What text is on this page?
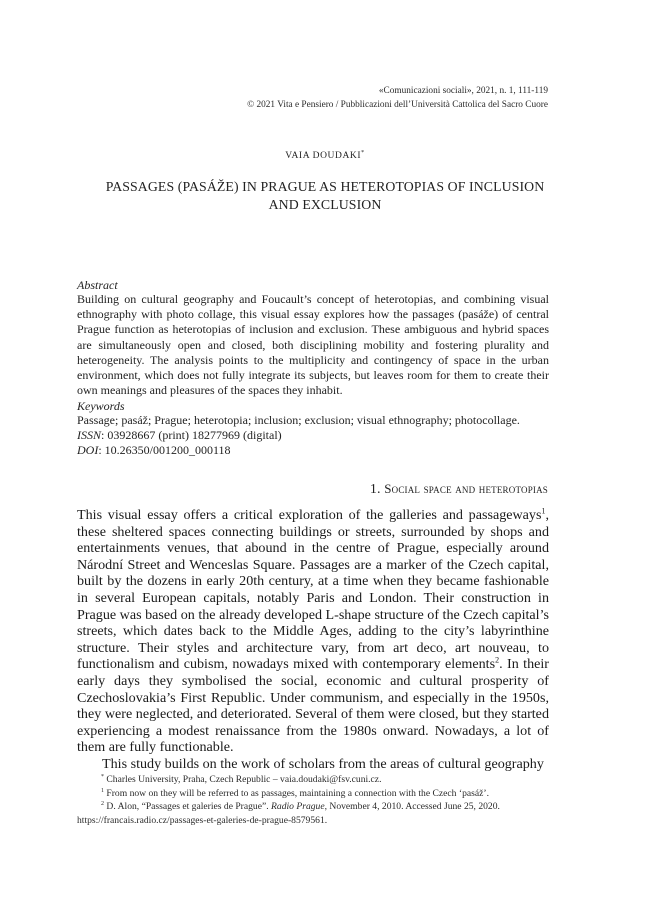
«Comunicazioni sociali», 2021, n. 1, 111-119
© 2021 Vita e Pensiero / Pubblicazioni dell’Università Cattolica del Sacro Cuore
VAIA DOUDAKI*
PASSAGES (PASÁŽE) IN PRAGUE AS HETEROTOPIAS OF INCLUSION
AND EXCLUSION
Abstract
Building on cultural geography and Foucault’s concept of heterotopias, and combining visual ethnography with photo collage, this visual essay explores how the passages (pasáže) of central Prague function as heterotopias of inclusion and exclusion. These ambiguous and hybrid spaces are simultaneously open and closed, both disciplining mobility and fostering plurality and heterogeneity. The analysis points to the multiplicity and contingency of space in the urban environment, which does not fully integrate its subjects, but leaves room for them to create their own meanings and pleasures of the spaces they inhabit.
Keywords
Passage; pasáž; Prague; heterotopia; inclusion; exclusion; visual ethnography; photocollage.
ISSN: 03928667 (print) 18277969 (digital)
DOI: 10.26350/001200_000118
1. Social space and heterotopias

This visual essay offers a critical exploration of the galleries and passageways$^1$, these sheltered spaces connecting buildings or streets, surrounded by shops and entertainments venues, that abound in the centre of Prague, especially around Národní Street and Wenceslas Square. Passages are a marker of the Czech capital, built by the dozens in early 20th century, at a time when they became fashionable in several European capitals, notably Paris and London. Their construction in Prague was based on the already developed L-shape structure of the Czech capital’s streets, which dates back to the Middle Ages, adding to the city’s labyrinthine structure. Their styles and architecture vary, from art deco, art nouveau, to functionalism and cubism, nowadays mixed with contemporary elements$^2$. In their early days they symbolised the social, economic and cultural prosperity of Czechoslovakia’s First Republic. Under communism, and especially in the 1950s, they were neglected, and deteriorated. Several of them were closed, but they started experiencing a modest renaissance from the 1980s onward. Nowadays, a lot of them are fully functionable.

This study builds on the work of scholars from the areas of cultural geography

* Charles University, Praha, Czech Republic – vaia.doudaki@fsv.cuni.cz.
$^1$ From now on they will be referred to as passages, maintaining a connection with the Czech ‘pasáž’.
$^2$ D. Alon, “Passages et galeries de Prague”. Radio Prague, November 4, 2010. Accessed June 25, 2020.
https://francais.radio.cz/passages-et-galeries-de-prague-8579561.
